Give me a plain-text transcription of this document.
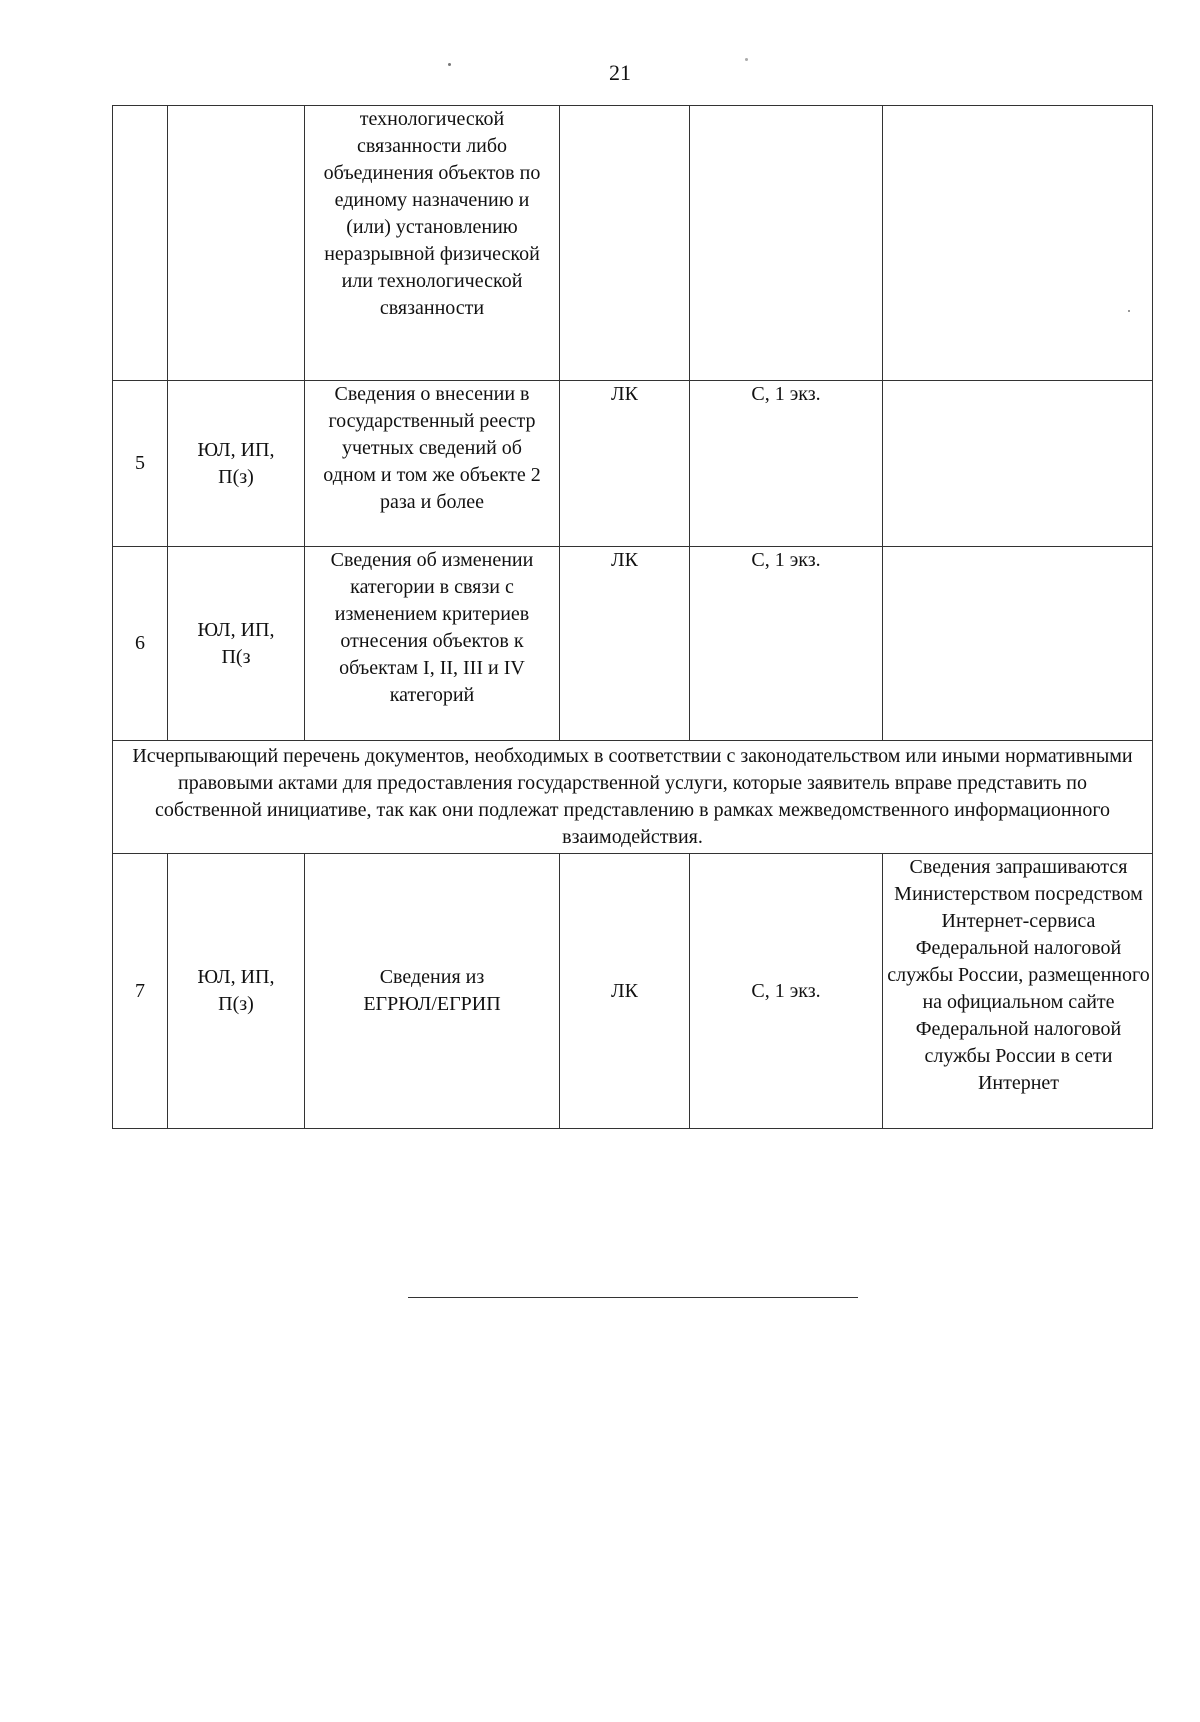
21
		технологической связанности либо объединения объектов по единому назначению и (или) установлению неразрывной физической или технологической связанности			
5	ЮЛ, ИП, П(з)	Сведения о внесении в государственный реестр учетных сведений об одном и том же объекте 2 раза и более	ЛК	С, 1 экз.	
6	ЮЛ, ИП, П(з	Сведения об изменении категории в связи с изменением критериев отнесения объектов к объектам I, II, III и IV категорий	ЛК	С, 1 экз.	
Исчерпывающий перечень документов, необходимых в соответствии с законодательством или иными нормативными правовыми актами для предоставления государственной услуги, которые заявитель вправе представить по собственной инициативе, так как они подлежат представлению в рамках межведомственного информационного взаимодействия.					
7	ЮЛ, ИП, П(з)	Сведения из ЕГРЮЛ/ЕГРИП	ЛК	С, 1 экз.	Сведения запрашиваются Министерством посредством Интернет-сервиса Федеральной налоговой службы России, размещенного на официальном сайте Федеральной налоговой службы России в сети Интернет
